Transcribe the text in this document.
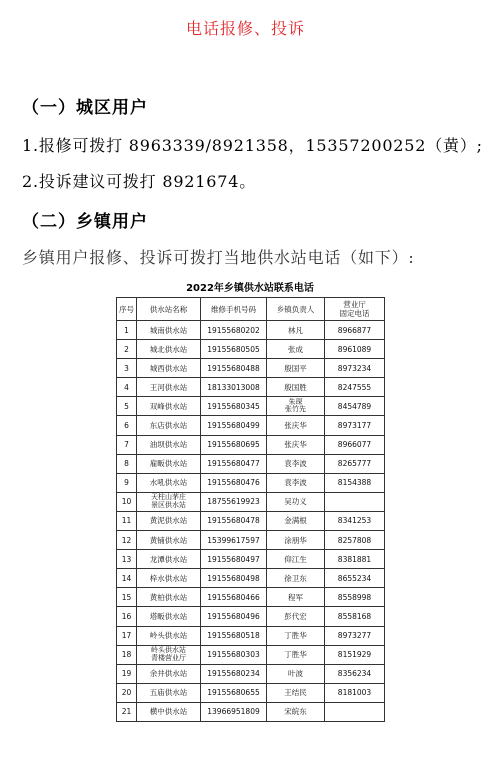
电话报修、投诉
（一）城区用户
1.报修可拨打 8963339/8921358，15357200252（黄）;
2.投诉建议可拨打 8921674。
（二）乡镇用户
乡镇用户报修、投诉可拨打当地供水站电话（如下）:
2022年乡镇供水站联系电话
序号	供水站名称	维修手机号码	乡镇负责人	营业厅
固定电话
1	城南供水站	19155680202	林凡	8966877
2	城北供水站	19155680505	张成	8961089
3	城西供水站	19155680488	殷国平	8973234
4	王河供水站	18133013008	殷国胜	8247555
5	双峰供水站	19155680345	朱琛
张竹先	8454789
6	东店供水站	19155680499	张庆华	8973177
7	油坝供水站	19155680695	张庆华	8966077
8	雇畈供水站	19155680477	袁李波	8265777
9	水吼供水站	19155680476	袁李波	8154388
10	天柱山茅庄
景区供水站	18755619923	吴功义	
11	黄泥供水站	19155680478	金满根	8341253
12	黄铺供水站	15399617597	涂朋华	8257808
13	龙潭供水站	19155680497	仰江生	8381881
14	梓水供水站	19155680498	徐卫东	8655234
15	黄柏供水站	19155680466	程军	8558998
16	塔畈供水站	19155680496	彭代宏	8558168
17	岭头供水站	19155680518	丁胜华	8973277
18	岭头供水站
青楼营业厅	19155680303	丁胜华	8151929
19	余井供水站	19155680234	叶波	8356234
20	五庙供水站	19155680655	王结民	8181003
21	横中供水站	13966951809	宋皖东	
